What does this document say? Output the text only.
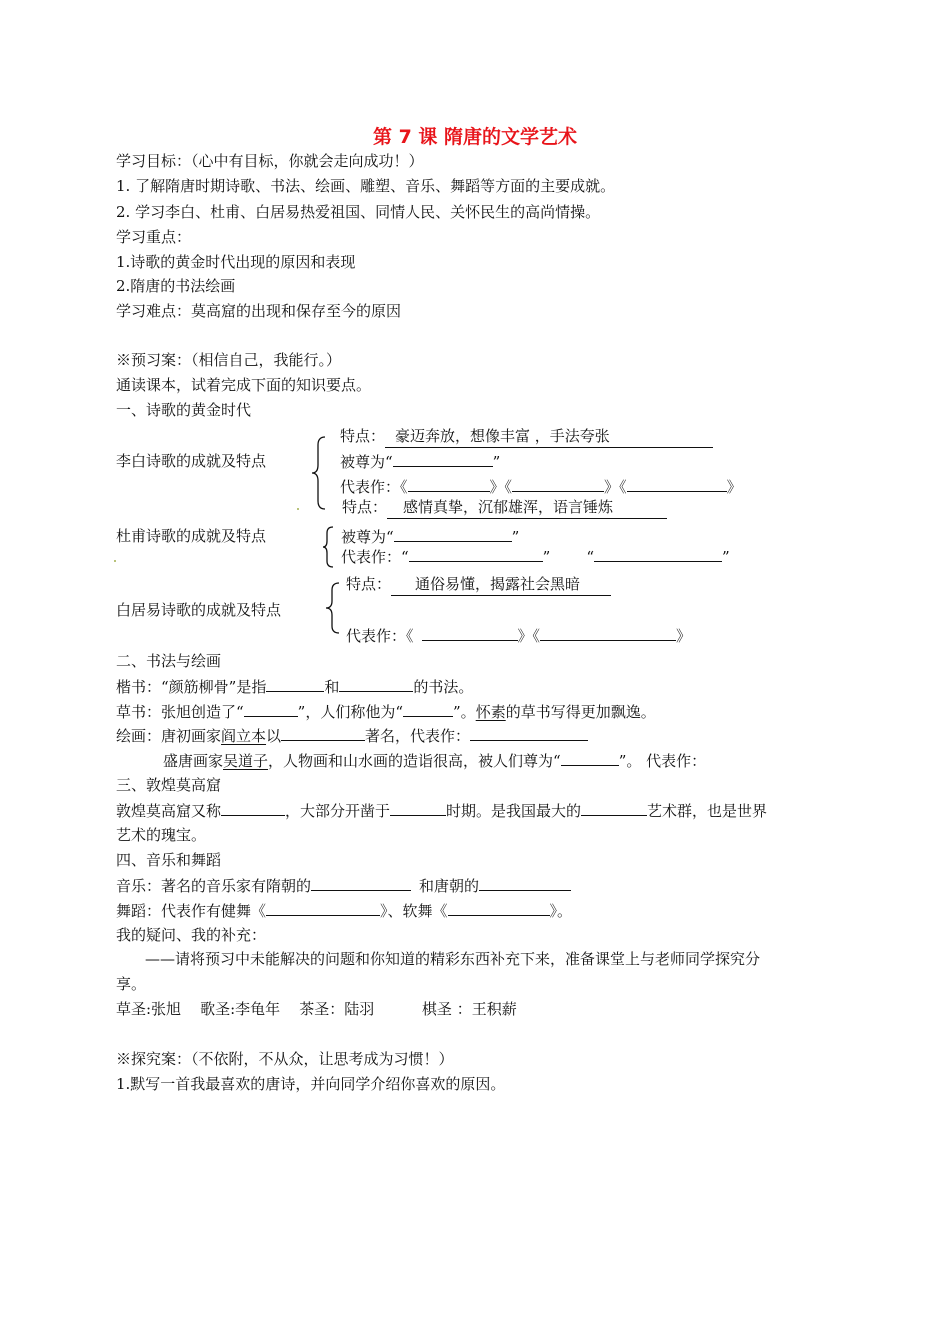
第 7 课 隋唐的文学艺术
学习目标：（心中有目标，你就会走向成功！）
1. 了解隋唐时期诗歌、书法、绘画、雕塑、音乐、舞蹈等方面的主要成就。
2. 学习李白、杜甫、白居易热爱祖国、同情人民、关怀民生的高尚情操。
学习重点：
1.诗歌的黄金时代出现的原因和表现
2.隋唐的书法绘画
学习难点：莫高窟的出现和保存至今的原因
※预习案：（相信自己，我能行。）
通读课本，试着完成下面的知识要点。
一、诗歌的黄金时代
李白诗歌的成就及特点
特点： 豪迈奔放，想像丰富 ，手法夸张
被尊为“	”
代表作：《	》《	》《	》
特点： 感情真挚，沉郁雄浑，语言锤炼
杜甫诗歌的成就及特点	被尊为“	”
代表作：“	” “	”
特点： 通俗易懂，揭露社会黑暗
白居易诗歌的成就及特点
代表作：《	》《	》
二、书法与绘画
楷书：“颜筋柳骨”是指	和	的书法。
草书：张旭创造了“	”，人们称他为“	”。怀素的草书写得更加飘逸。
绘画：唐初画家阎立本以	著名，代表作：
盛唐画家吴道子，人物画和山水画的造诣很高，被人们尊为“	”。 代表作：
三、敦煌莫高窟
敦煌莫高窟又称	，大部分开凿于	时期。是我国最大的	艺术群，也是世界
艺术的瑰宝。
四、音乐和舞蹈
音乐：著名的音乐家有隋朝的	和唐朝的
舞蹈：代表作有健舞《	》、软舞《	》。
我的疑问、我的补充：
——请将预习中未能解决的问题和你知道的精彩东西补充下来，准备课堂上与老师同学探究分
享。
草圣:张旭    歌圣:李龟年    茶圣：陆羽          棋圣 ：王积薪
※探究案：（不依附，不从众，让思考成为习惯！）
1.默写一首我最喜欢的唐诗，并向同学介绍你喜欢的原因。
